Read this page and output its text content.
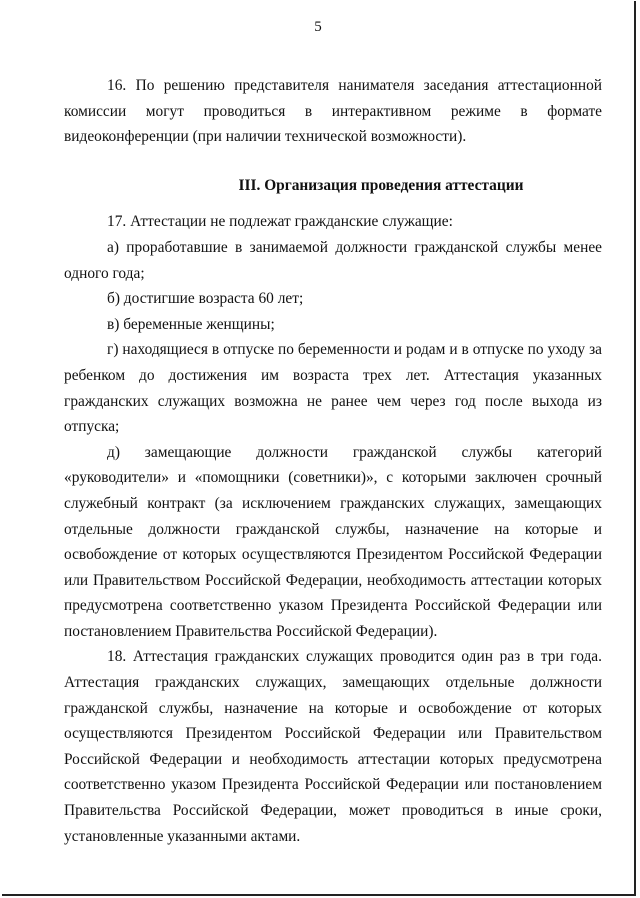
5

16. По решению представителя нанимателя заседания аттестационной комиссии могут проводиться в интерактивном режиме в формате видеоконференции (при наличии технической возможности).

III. Организация проведения аттестации

17. Аттестации не подлежат гражданские служащие:

а) проработавшие в занимаемой должности гражданской службы менее одного года;

б) достигшие возраста 60 лет;

в) беременные женщины;

г) находящиеся в отпуске по беременности и родам и в отпуске по уходу за ребенком до достижения им возраста трех лет. Аттестация указанных гражданских служащих возможна не ранее чем через год после выхода из отпуска;

д) замещающие должности гражданской службы категорий «руководители» и «помощники (советники)», с которыми заключен срочный служебный контракт (за исключением гражданских служащих, замещающих отдельные должности гражданской службы, назначение на которые и освобождение от которых осуществляются Президентом Российской Федерации или Правительством Российской Федерации, необходимость аттестации которых предусмотрена соответственно указом Президента Российской Федерации или постановлением Правительства Российской Федерации).

18. Аттестация гражданских служащих проводится один раз в три года. Аттестация гражданских служащих, замещающих отдельные должности гражданской службы, назначение на которые и освобождение от которых осуществляются Президентом Российской Федерации или Правительством Российской Федерации и необходимость аттестации которых предусмотрена соответственно указом Президента Российской Федерации или постановлением Правительства Российской Федерации, может проводиться в иные сроки, установленные указанными актами.
